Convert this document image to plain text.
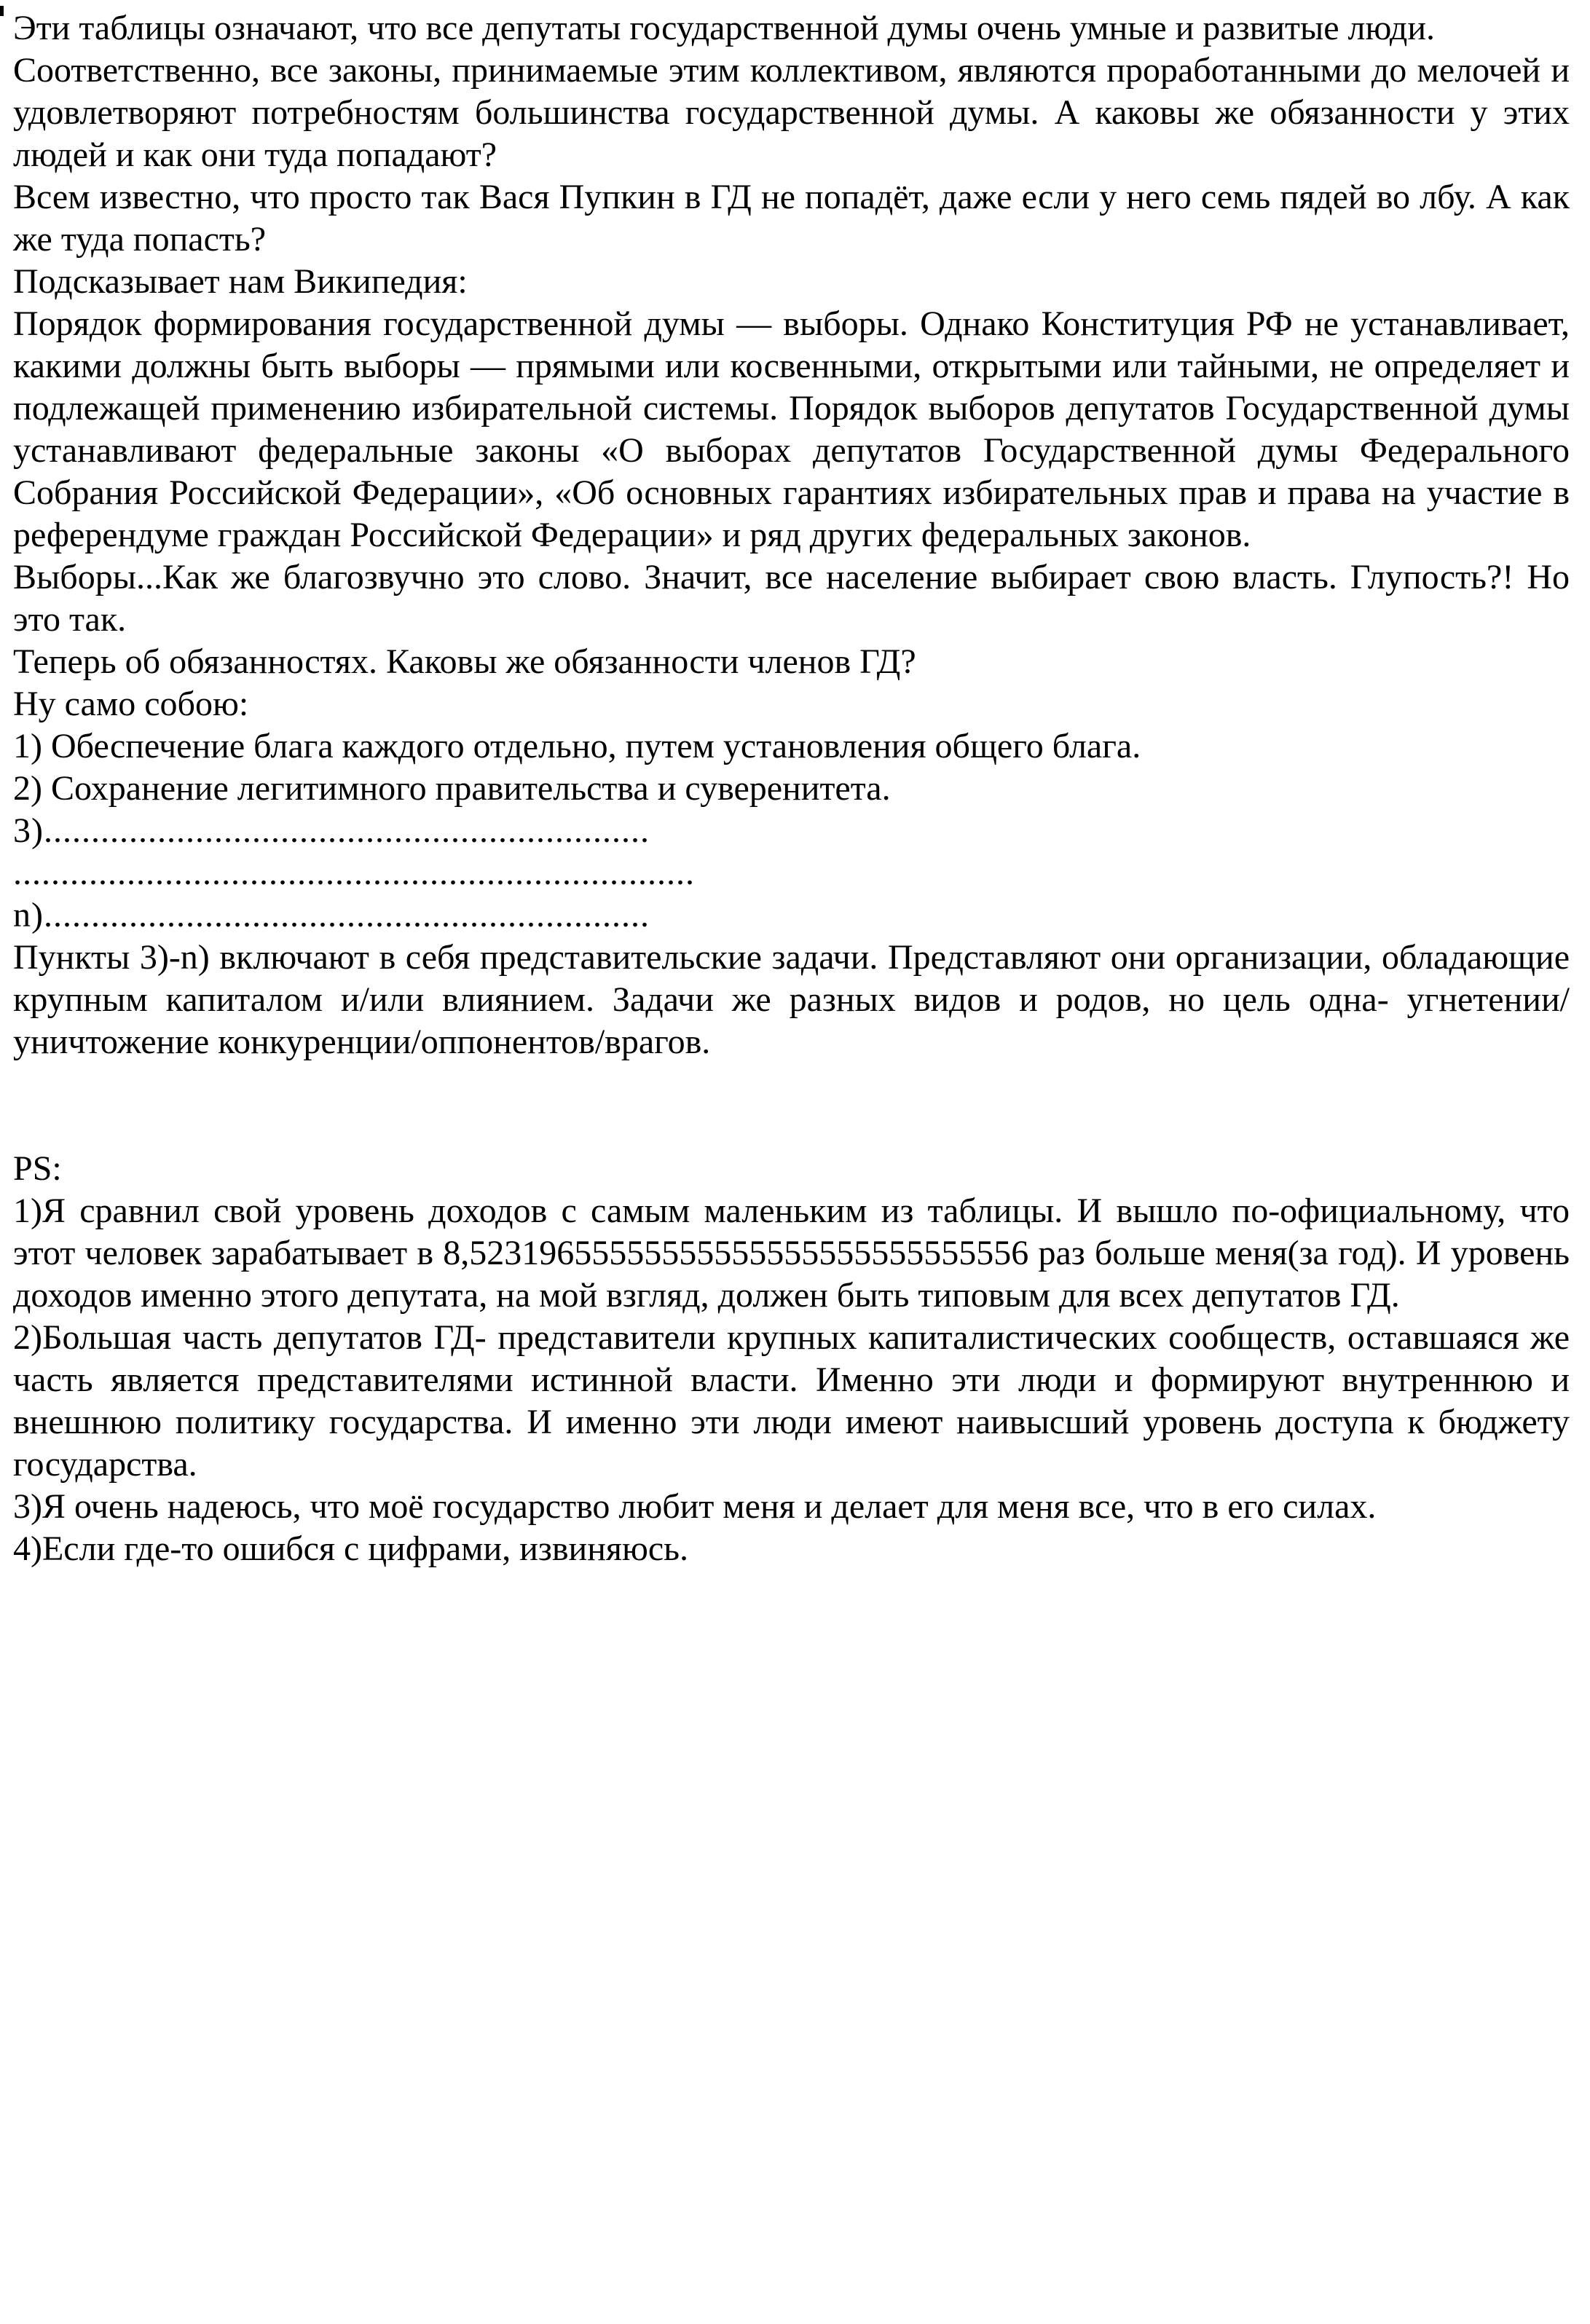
Эти таблицы означают, что все депутаты государственной думы очень умные и развитые люди.

Соответственно, все законы, принимаемые этим коллективом, являются проработанными до мелочей и удовлетворяют потребностям большинства государственной думы. А каковы же обязанности у этих людей и как они туда попадают?

Всем известно, что просто так Вася Пупкин в ГД не попадёт, даже если у него семь пядей во лбу. А как же туда попасть?

Подсказывает нам Википедия:

Порядок формирования государственной думы — выборы. Однако Конституция РФ не устанавливает, какими должны быть выборы — прямыми или косвенными, открытыми или тайными, не определяет и подлежащей применению избирательной системы. Порядок выборов депутатов Государственной думы устанавливают федеральные законы «О выборах депутатов Государственной думы Федерального Собрания Российской Федерации», «Об основных гарантиях избирательных прав и права на участие в референдуме граждан Российской Федерации» и ряд других федеральных законов.

Выборы...Как же благозвучно это слово. Значит, все население выбирает свою власть. Глупость?! Но это так.

Теперь об обязанностях. Каковы же обязанности членов ГД?

Ну само собою:

1) Обеспечение блага каждого отдельно, путем установления общего блага.

2) Сохранение легитимного правительства и суверенитета.

3)................................................................

........................................................................

n)................................................................

Пункты 3)-n) включают в себя представительские задачи. Представляют они организации, обладающие крупным капиталом и/или влиянием. Задачи же разных видов и родов, но цель одна- угнетении/уничтожение конкуренции/оппонентов/врагов.

PS:

1)Я сравнил свой уровень доходов с самым маленьким из таблицы. И вышло по-официальному, что этот человек зарабатывает в 8,52319655555555555555555555555556 раз больше меня(за год). И уровень доходов именно этого депутата, на мой взгляд, должен быть типовым для всех депутатов ГД.

2)Большая часть депутатов ГД- представители крупных капиталистических сообществ, оставшаяся же часть является представителями истинной власти. Именно эти люди и формируют внутреннюю и внешнюю политику государства. И именно эти люди имеют наивысший уровень доступа к бюджету государства.

3)Я очень надеюсь, что моё государство любит меня и делает для меня все, что в его силах.

4)Если где-то ошибся с цифрами, извиняюсь.
